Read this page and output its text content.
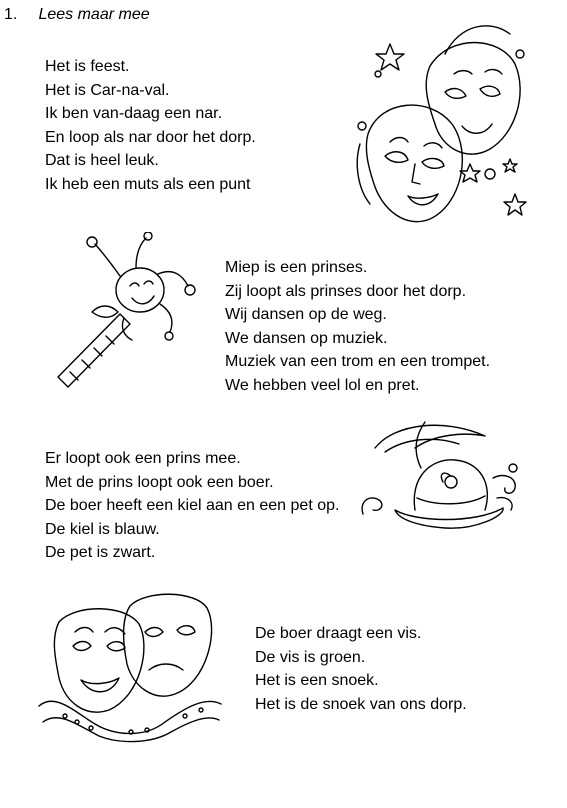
1. Lees maar mee
Het is feest.
Het is Car-na-val.
Ik ben van-daag een nar.
En loop als nar door het dorp.
Dat is heel leuk.
Ik heb een muts als een punt
Miep is een prinses.
Zij loopt als prinses door het dorp.
Wij dansen op de weg.
We dansen op muziek.
Muziek van een trom en een trompet.
We hebben veel lol en pret.
Er loopt ook een prins mee.
Met de prins loopt ook een boer.
De boer heeft een kiel aan en een pet op.
De kiel is blauw.
De pet is zwart.
De boer draagt een vis.
De vis is groen.
Het is een snoek.
Het is de snoek van ons dorp.
